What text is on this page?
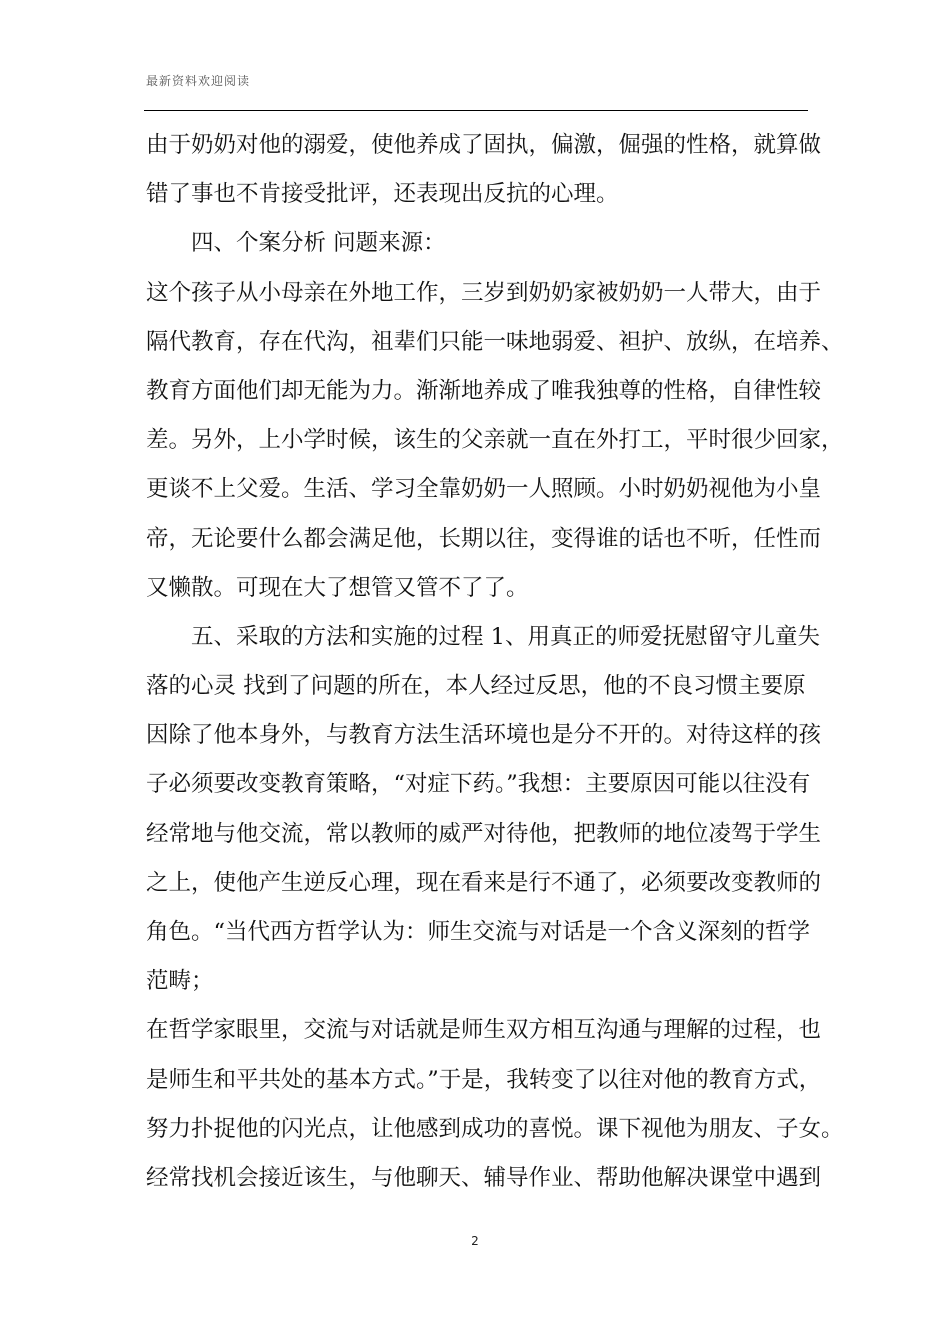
最新资料欢迎阅读
由于奶奶对他的溺爱，使他养成了固执，偏激，倔强的性格，就算做
错了事也不肯接受批评，还表现出反抗的心理。
四、个案分析 问题来源：
这个孩子从小母亲在外地工作，三岁到奶奶家被奶奶一人带大，由于
隔代教育，存在代沟，祖辈们只能一味地弱爱、袒护、放纵，在培养、
教育方面他们却无能为力。渐渐地养成了唯我独尊的性格，自律性较
差。另外，上小学时候，该生的父亲就一直在外打工，平时很少回家，
更谈不上父爱。生活、学习全靠奶奶一人照顾。小时奶奶视他为小皇
帝，无论要什么都会满足他，长期以往，变得谁的话也不听，任性而
又懒散。可现在大了想管又管不了了。
五、采取的方法和实施的过程 1、用真正的师爱抚慰留守儿童失
落的心灵 找到了问题的所在，本人经过反思，他的不良习惯主要原
因除了他本身外，与教育方法生活环境也是分不开的。对待这样的孩
子必须要改变教育策略，“对症下药。”我想：主要原因可能以往没有
经常地与他交流，常以教师的威严对待他，把教师的地位凌驾于学生
之上，使他产生逆反心理，现在看来是行不通了，必须要改变教师的
角色。“当代西方哲学认为：师生交流与对话是一个含义深刻的哲学
范畴；
在哲学家眼里，交流与对话就是师生双方相互沟通与理解的过程，也
是师生和平共处的基本方式。”于是，我转变了以往对他的教育方式，
努力扑捉他的闪光点，让他感到成功的喜悦。课下视他为朋友、子女。
经常找机会接近该生，与他聊天、辅导作业、帮助他解决课堂中遇到
2
